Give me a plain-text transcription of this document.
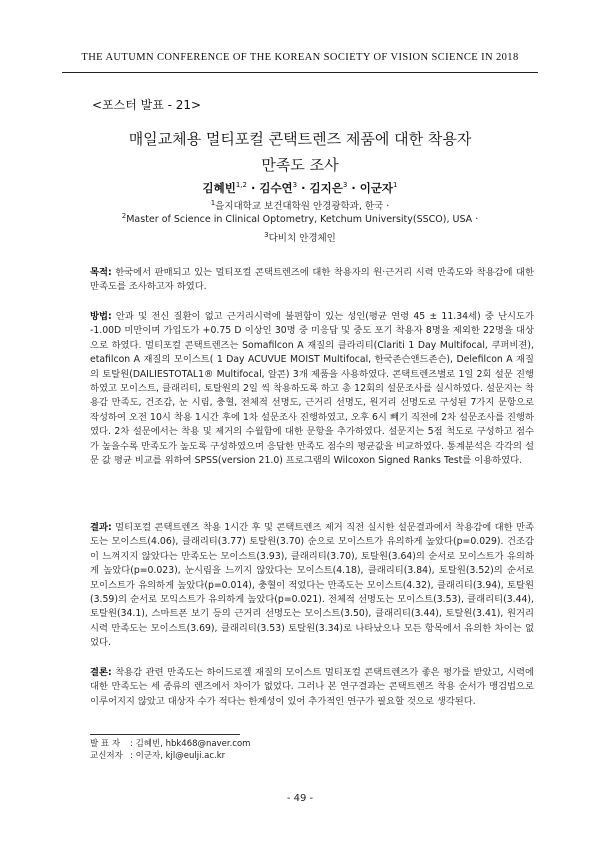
THE AUTUMN CONFERENCE OF THE KOREAN SOCIETY OF VISION SCIENCE IN 2018
<포스터 발표 - 21>
매일교체용 멀티포컬 콘택트렌즈 제품에 대한 착용자
만족도 조사
김혜빈$^{1,2}$ · 김수연$^3$ · 김지은$^3$ · 이군자$^1$
$^1$을지대학교 보건대학원 안경광학과, 한국 ·
$^2$Master of Science in Clinical Optometry, Ketchum University(SSCO), USA ·
$^3$다비치 안경체인
목적: 한국에서 판매되고 있는 멀티포컬 콘택트렌즈에 대한 착용자의 원·근거리 시력 만족도와 착용감에 대한 만족도를 조사하고자 하였다.
방법: 안과 및 전신 질환이 없고 근거리시력에 불편함이 있는 성인(평균 연령 45 ± 11.34세) 중 난시도가 -1.00D 미만이며 가입도가 +0.75 D 이상인 30명 중 미응답 및 중도 포기 착용자 8명을 제외한 22명을 대상으로 하였다. 멀티포컬 콘택트렌즈는 Somafilcon A 재질의 클라리티(Clariti 1 Day Multifocal, 쿠퍼비젼), etafilcon A 재질의 모이스트( 1 Day ACUVUE MOIST Multifocal, 한국존슨앤드존슨), Delefilcon A 재질의 토탈원(DAILIESTOTAL1® Multifocal, 알콘) 3개 제품을 사용하였다. 콘택트렌즈별로 1일 2회 설문 진행하였고 모이스트, 클래리티, 토탈원의 2일 씩 착용하도록 하고 총 12회의 설문조사를 실시하였다. 설문지는 착용감 만족도, 건조감, 눈 시림, 충혈, 전체적 선명도, 근거리 선명도, 원거리 선명도로 구성된 7가지 문항으로 작성하여 오전 10시 착용 1시간 후에 1차 설문조사 진행하였고, 오후 6시 빼기 직전에 2차 설문조사를 진행하였다. 2차 설문에서는 착용 및 제거의 수월함에 대한 문항을 추가하였다. 설문지는 5점 척도로 구성하고 점수가 높을수록 만족도가 높도록 구성하였으며 응답한 만족도 점수의 평균값을 비교하였다. 통계분석은 각각의 설문 값 평균 비교를 위하여 SPSS(version 21.0) 프로그램의 Wilcoxon Signed Ranks Test를 이용하였다.
결과: 멀티포컬 콘택트렌즈 착용 1시간 후 및 콘택트렌즈 제거 직전 실시한 설문결과에서 착용감에 대한 만족도는 모이스트(4.06), 클래리티(3.77) 토탈원(3.70) 순으로 모이스트가 유의하게 높았다(p=0.029). 건조감이 느껴지지 않았다는 만족도는 모이스트(3.93), 클래리티(3.70), 토탈원(3.64)의 순서로 모이스트가 유의하게 높았다(p=0.023), 눈시림을 느끼지 않았다는 모이스트(4.18), 클래리티(3.84), 토탈원(3.52)의 순서로 모이스트가 유의하게 높았다(p=0.014), 충혈이 적었다는 만족도는 모이스트(4.32), 클래리티(3.94), 토탈원(3.59)의 순서로 모익스트가 유의하게 높았다(p=0.021). 전체적 선명도는 모이스트(3.53), 클래리티(3.44), 토탈원(34.1), 스마트폰 보기 등의 근거리 선명도는 모이스트(3.50), 클래리티(3.44), 토탈원(3.41), 원거리 시력 만족도는 모이스트(3.69), 클래리티(3.53) 토탈원(3.34)로 나타났으나 모든 항목에서 유의한 차이는 없었다.
결론: 착용감 관련 만족도는 하이드로겔 재질의 모이스트 멀티포컬 콘택트렌즈가 좋은 평가를 받았고, 시력에 대한 만족도는 세 종류의 렌즈에서 차이가 없었다. 그러나 본 연구결과는 콘택트렌즈 착용 순서가 맹검법으로 이루어지지 않았고 대상자 수가 적다는 한계성이 있어 추가적인 연구가 필요할 것으로 생각된다.
발 표 자 : 김혜빈, hbk468@naver.com
교신저자 : 이군자, kjl@eulji.ac.kr
- 49 -
